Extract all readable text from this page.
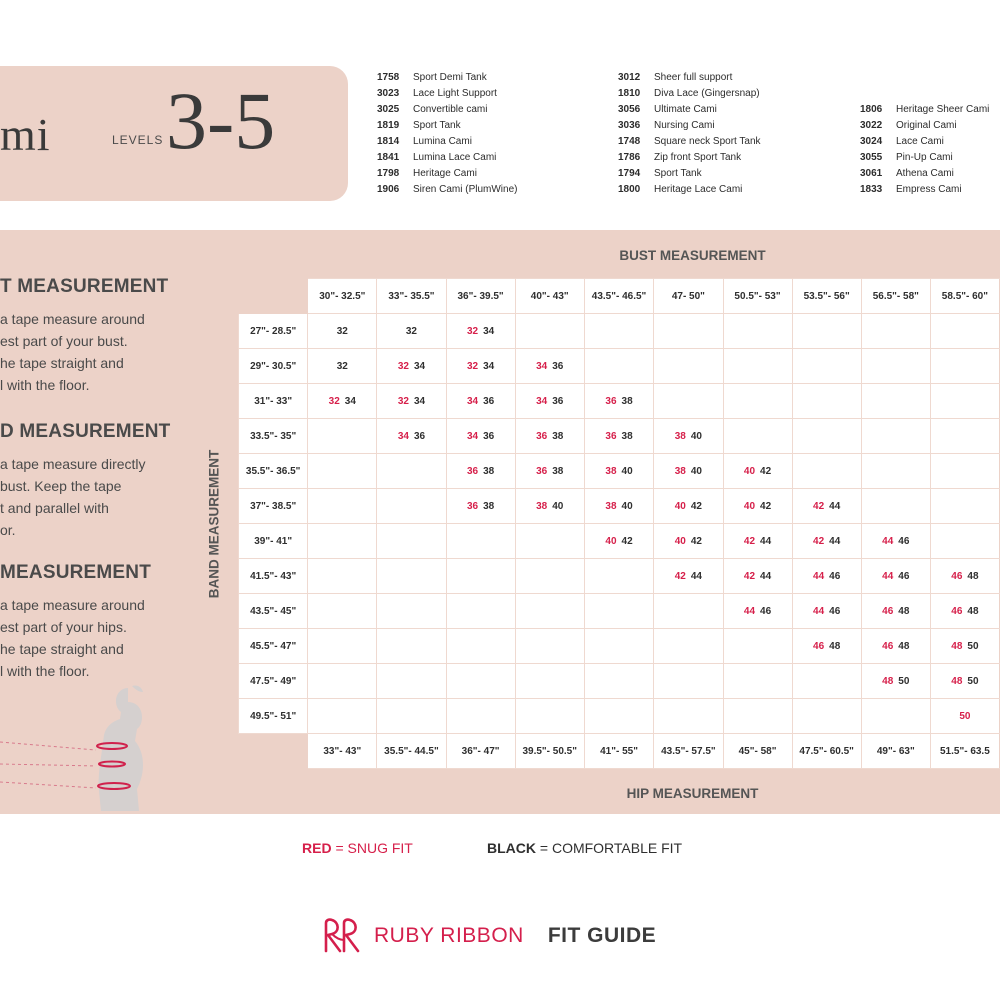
mi	LEVELS 3-5	1758	Sport Demi Tank
3023	Lace Light Support
3025	Convertible cami
1819	Sport Tank
1814	Lumina Cami
1841	Lumina Lace Cami
1798	Heritage Cami
1906	Siren Cami (PlumWine)
3012	Sheer full support
1810	Diva Lace (Gingersnap)
3056	Ultimate Cami
3036	Nursing Cami
1748	Square neck Sport Tank
1786	Zip front Sport Tank
1794	Sport Tank
1800	Heritage Lace Cami
1806	Heritage Sheer Cami
3022	Original Cami
3024	Lace Cami
3055	Pin-Up Cami
3061	Athena Cami
1833	Empress Cami
T MEASUREMENT
a tape measure around
est part of your bust.
he tape straight and
l with the floor.
D MEASUREMENT
a tape measure directly
bust. Keep the tape
t and parallel with
or.
MEASUREMENT
a tape measure around
est part of your hips.
he tape straight and
l with the floor.
BUST MEASUREMENT
BAND MEASUREMENT
HIP MEASUREMENT
	30"- 32.5"	33"- 35.5"	36"- 39.5"	40"- 43"	43.5"- 46.5"	47- 50"	50.5"- 53"	53.5"- 56"	56.5"- 58"	58.5"- 60"
27"- 28.5"	32	32	32 34							
29"- 30.5"	32	32 34	32 34	34 36						
31"- 33"	32 34	32 34	34 36	34 36	36 38					
33.5"- 35"		34 36	34 36	36 38	36 38	38 40				
35.5"- 36.5"			36 38	36 38	38 40	38 40	40 42			
37"- 38.5"			36 38	38 40	38 40	40 42	40 42	42 44		
39"- 41"					40 42	40 42	42 44	42 44	44 46	
41.5"- 43"						42 44	42 44	44 46	44 46	46 48
43.5"- 45"							44 46	44 46	46 48	46 48
45.5"- 47"								46 48	46 48	48 50
47.5"- 49"									48 50	48 50
49.5"- 51"										50
	33"- 43"	35.5"- 44.5"	36"- 47"	39.5"- 50.5"	41"- 55"	43.5"- 57.5"	45"- 58"	47.5"- 60.5"	49"- 63"	51.5"- 63.5
RED = SNUG FIT	BLACK = COMFORTABLE FIT
RUBY RIBBON FIT GUIDE
